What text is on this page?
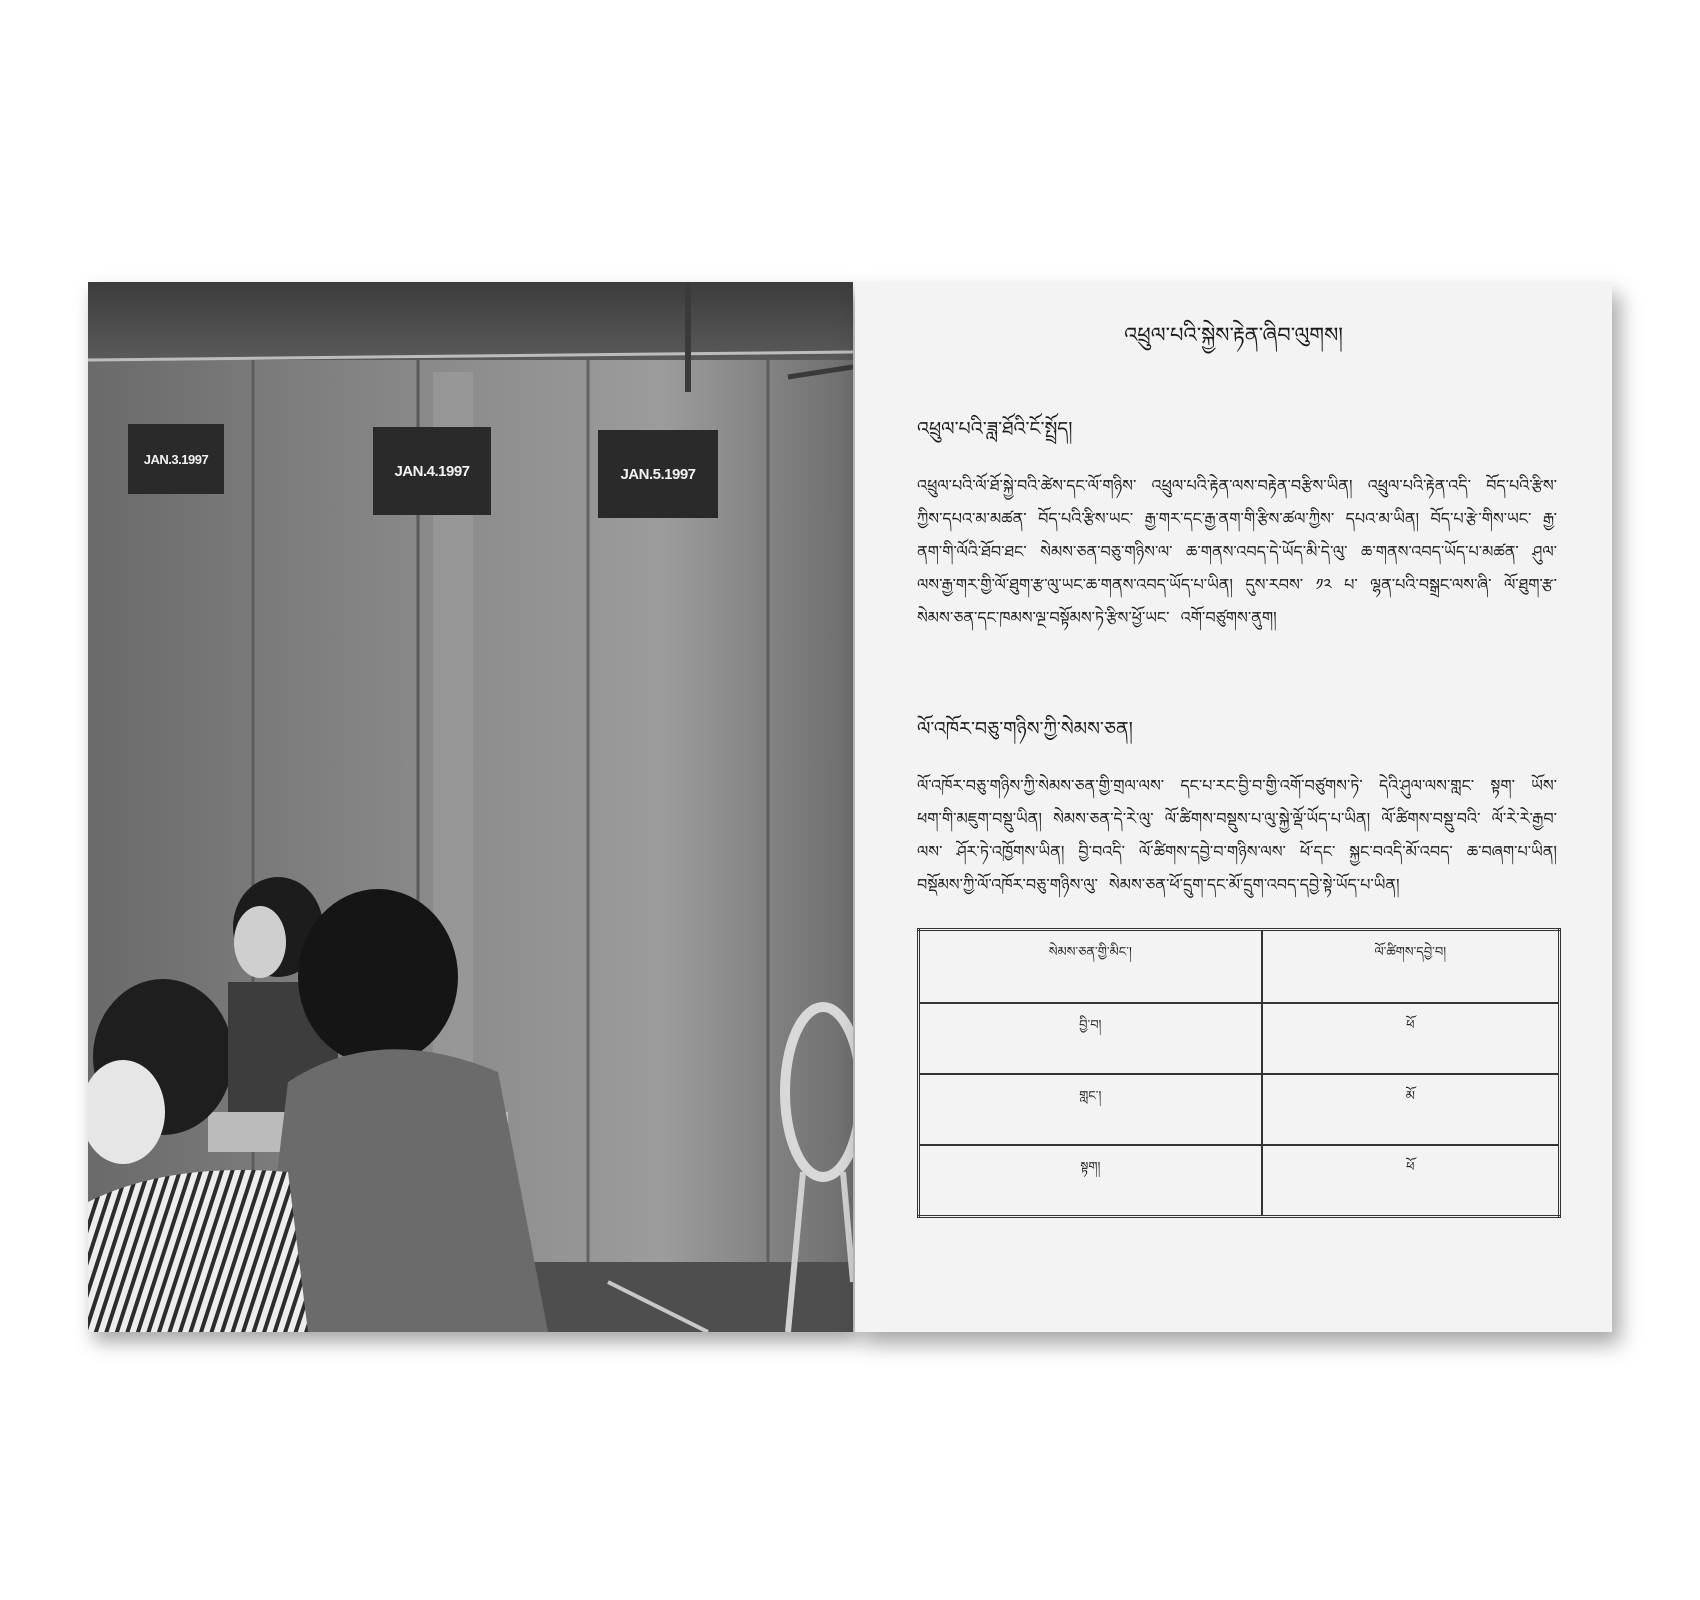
JAN.3.1997
JAN.4.1997	JAN.5.1997
འཕྲུལ་པའི་སྐྱེས་རྟེན་ཞིབ་ལུགས།
འཕྲུལ་པའི་ཟླ་ཐོའི་ངོ་སྤྲོད།
འཕྲུལ་པའི་ལོ་ཐོ་སྐྱེ་བའི་ཚེས་དང་ལོ་གཉིས་ འཕྲུལ་པའི་རྟེན་ལས་བརྟེན་བརྩིས་ཡིན། འཕྲུལ་པའི་རྟེན་འདི་ བོད་པའི་རྩིས་ཀྱིས་དཔའ་མ་མཚན་ བོད་པའི་རྩིས་ཡང་ རྒྱ་གར་དང་རྒྱ་ནག་གི་རྩིས་ཚལ་ཀྱིས་ དཔའ་མ་ཡིན། བོད་པ་རྩེ་གིས་ཡང་ རྒྱ་ནག་གི་ལོའི་ཐོབ་ཐང་ སེམས་ཅན་བཅུ་གཉིས་ལ་ ཆ་གནས་འབད་དེ་ཡོད་མི་དེ་ལུ་ ཆ་གནས་འབད་ཡོད་པ་མཚན་ ཤུལ་ལས་རྒྱ་གར་གྱི་ལོ་ཐུག་རྩ་ལུ་ཡང་ཆ་གནས་འབད་ཡོད་པ་ཡིན། དུས་རབས་ ༡༢ པ་ ལྷན་པའི་བསྒྲང་ལས་ཞི་ ལོ་ཐུག་རྩ་ སེམས་ཅན་དང་ཁམས་ལྔ་བསྟོམས་ཏེ་རྩིས་ཕྱོ་ཡང་ འགོ་བཙུགས་ནུག།
ལོ་འཁོར་བཅུ་གཉིས་ཀྱི་སེམས་ཅན།
ལོ་འཁོར་བཅུ་གཉིས་ཀྱི་སེམས་ཅན་གྱི་གྲལ་ལས་ དང་པ་རང་བྱི་བ་གྱི་འགོ་བཙུགས་ཏེ་ དེའི་ཤུལ་ལས་གླང་ སྟག་ ཡོས་ཕག་གི་མཇུག་བསྡུ་ཡིན། སེམས་ཅན་དེ་རེ་ལུ་ ལོ་ཚིགས་བསྡུས་པ་ལུ་སྐྱེ་ལྡོ་ཡོད་པ་ཡིན། ལོ་ཚིགས་བསྡུ་བའི་ ལོ་རེ་རེ་རྒྱབ་ལས་ ཤོར་ཏེ་འཁྱོགས་ཡིན། བྱི་བའདི་ ལོ་ཚིགས་དབྱེ་བ་གཉིས་ལས་ ཕོ་དང་ སྐྱང་བའདི་མོ་འབད་ ཆ་བཞག་པ་ཡིན། བསྡོམས་ཀྱི་ལོ་འཁོར་བཅུ་གཉིས་ལུ་ སེམས་ཅན་ཕོ་དྲུག་དང་མོ་དྲུག་འབད་དབྱེ་སྟེ་ཡོད་པ་ཡིན།
སེམས་ཅན་གྱི་མིང་།	ལོ་ཚིགས་དབྱེ་བ།
བྱི་བ།	ཕོ
གླང་།	མོ
སྟག།	ཕོ
